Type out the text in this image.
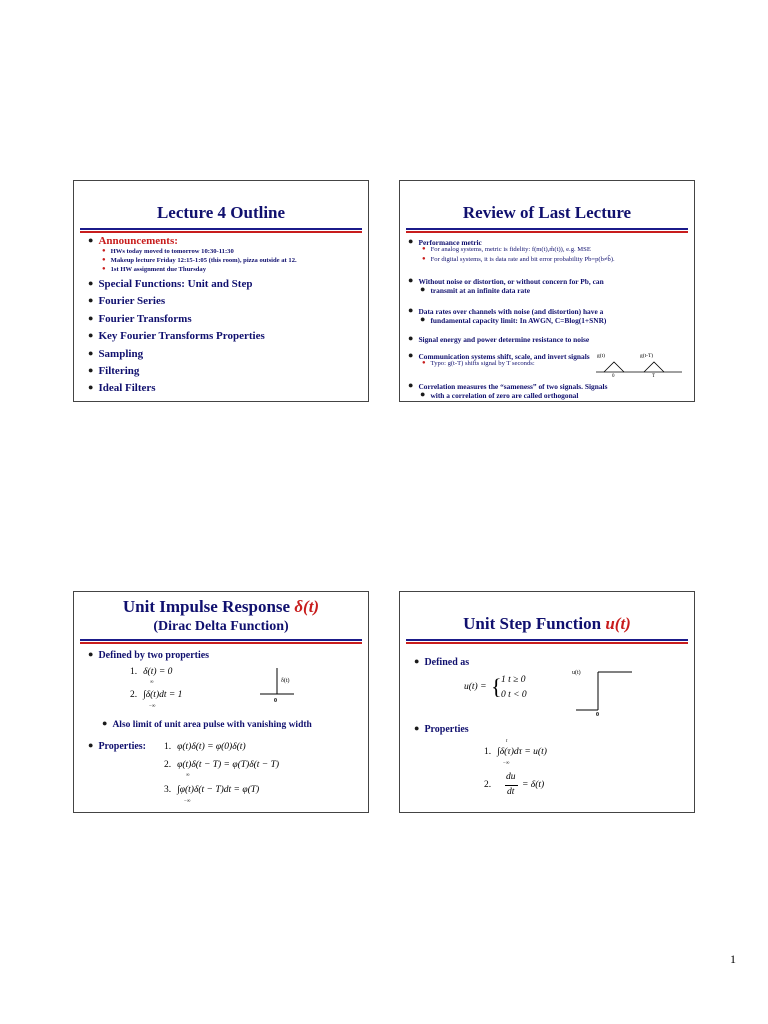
Lecture 4 Outline
● Announcements:
● HWs today moved to tomorrow 10:30-11:30
● Makeup lecture Friday 12:15-1:05 (this room), pizza outside at 12.
● 1st HW assignment due Thursday
● Special Functions: Unit and Step
● Fourier Series
● Fourier Transforms
● Key Fourier Transforms Properties
● Sampling
● Filtering
● Ideal Filters
Review of Last Lecture
● Performance metric
● For analog systems, metric is fidelity: f(m(t),m̂(t)), e.g. MSE
● For digital systems, it is data rate and bit error probability Pb=p(b≠b̂).
● Without noise or distortion, or without concern for Pb, can
● transmit at an infinite data rate
● Data rates over channels with noise (and distortion) have a
● fundamental capacity limit: In AWGN, C=Blog(1+SNR)
● Signal energy and power determine resistance to noise
● Communication systems shift, scale, and invert signals
● Typo: g(t-T) shifts signal by T seconds:
g(t)	g(t-T)
0	T
● Correlation measures the “sameness” of two signals. Signals
● with a correlation of zero are called orthogonal
Unit Impulse Response δ(t)
(Dirac Delta Function)
● Defined by two properties
1. δ(t) = 0
∞
2. ∫δ(t)dt = 1
−∞
δ(t)
0
● Also limit of unit area pulse with vanishing width
● Properties: 1. φ(t)δ(t) = φ(0)δ(t)
2. φ(t)δ(t − T) = φ(T)δ(t − T)
∞
3. ∫φ(t)δ(t − T)dt = φ(T)
−∞
Unit Step Function u(t)
● Defined as
u(t) = { 1 t ≥ 0
0 t < 0
u(t)
0
● Properties
t
1. ∫δ(τ)dτ = u(t)
−∞
2.
du
dt
= δ(t)
1
